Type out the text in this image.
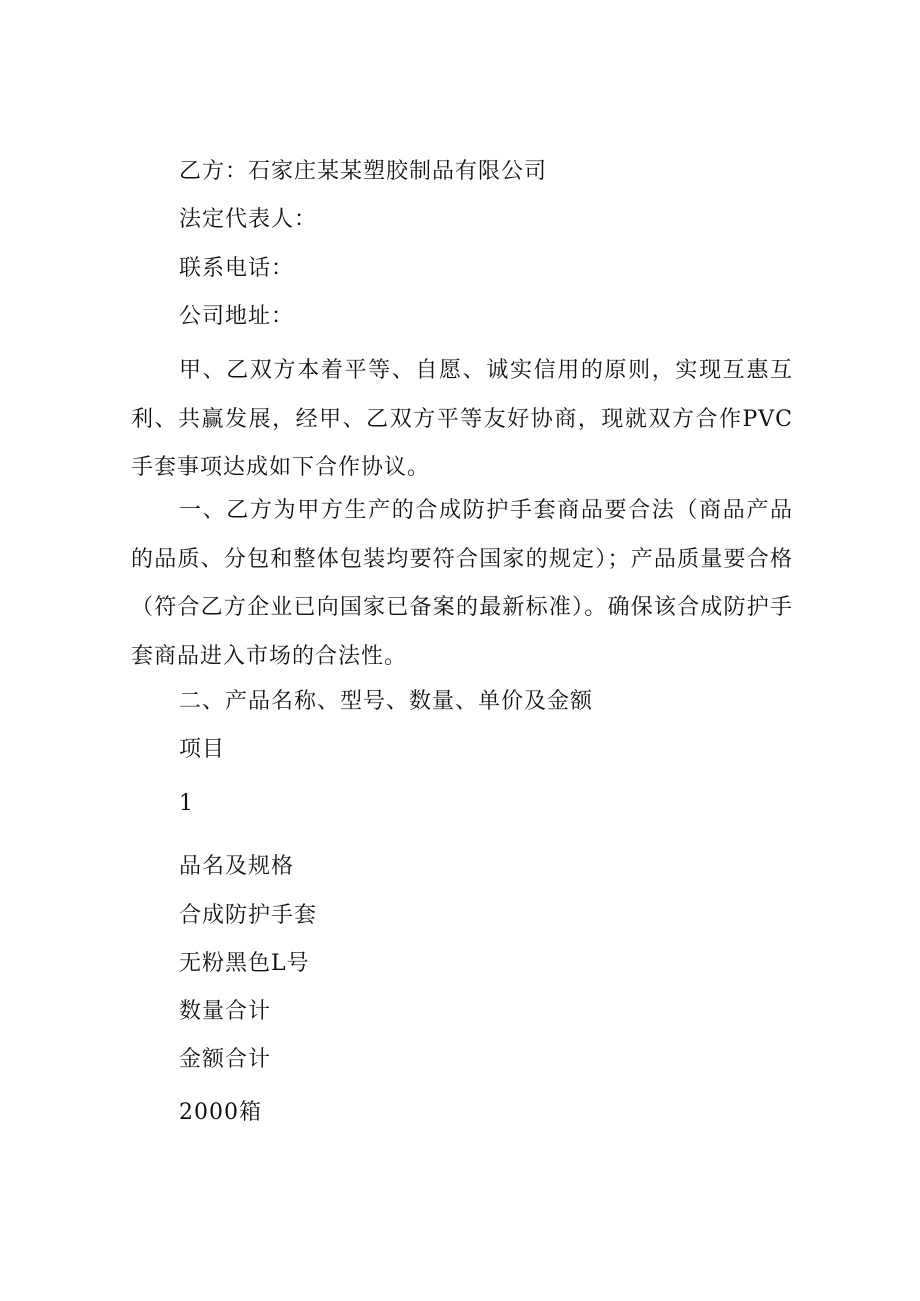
乙方：石家庄某某塑胶制品有限公司
法定代表人：
联系电话：
公司地址：
甲、乙双方本着平等、自愿、诚实信用的原则，实现互惠互利、共赢发展，经甲、乙双方平等友好协商，现就双方合作PVC手套事项达成如下合作协议。
一、乙方为甲方生产的合成防护手套商品要合法（商品产品的品质、分包和整体包装均要符合国家的规定）；产品质量要合格（符合乙方企业已向国家已备案的最新标准）。确保该合成防护手套商品进入市场的合法性。
二、产品名称、型号、数量、单价及金额
项目
1
品名及规格
合成防护手套
无粉黑色L号
数量合计
金额合计
2000箱
